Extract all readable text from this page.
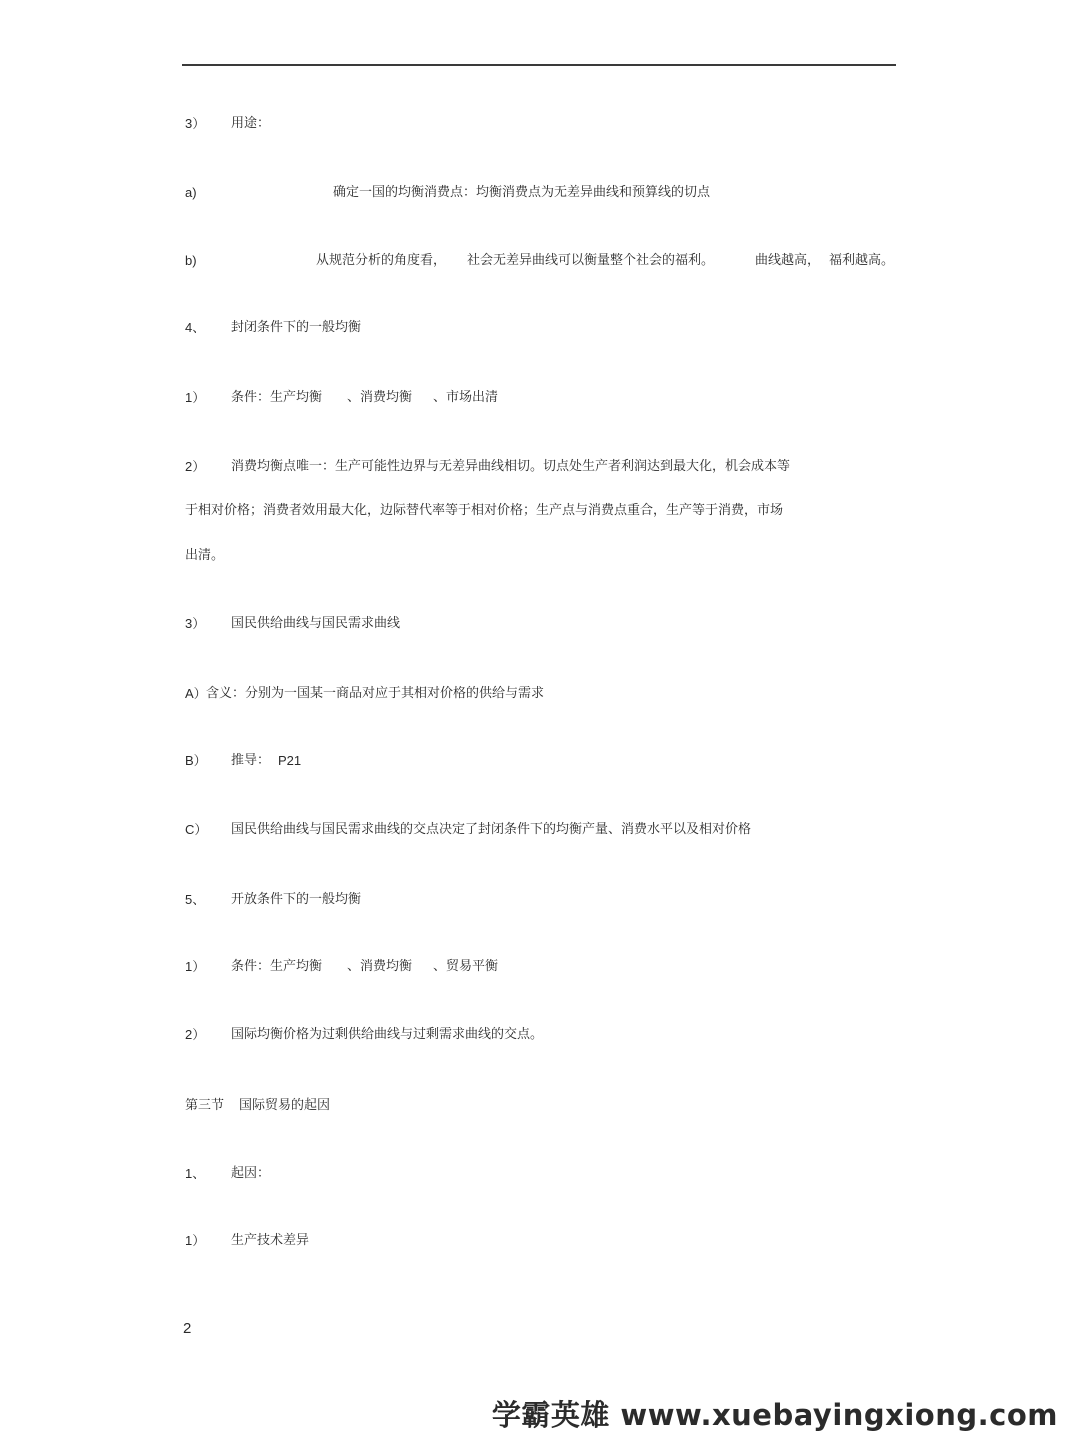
3） 用途：
a)	确定一国的均衡消费点：均衡消费点为无差异曲线和预算线的切点
b)	从规范分析的角度看， 社会无差异曲线可以衡量整个社会的福利。	曲线越高， 福利越高。
4、 封闭条件下的一般均衡
1） 条件：生产均衡 、消费均衡 、市场出清
2） 消费均衡点唯一：生产可能性边界与无差异曲线相切。切点处生产者利润达到最大化，机会成本等
于相对价格；消费者效用最大化，边际替代率等于相对价格；生产点与消费点重合，生产等于消费，市场
出清。
3） 国民供给曲线与国民需求曲线
A） 含义：分别为一国某一商品对应于其相对价格的供给与需求
B） 推导： P21
C） 国民供给曲线与国民需求曲线的交点决定了封闭条件下的均衡产量、消费水平以及相对价格
5、 开放条件下的一般均衡
1） 条件：生产均衡 、消费均衡 、贸易平衡
2） 国际均衡价格为过剩供给曲线与过剩需求曲线的交点。
第三节 国际贸易的起因
1、 起因：
1） 生产技术差异
2
学霸英雄 www.xuebayingxiong.com
